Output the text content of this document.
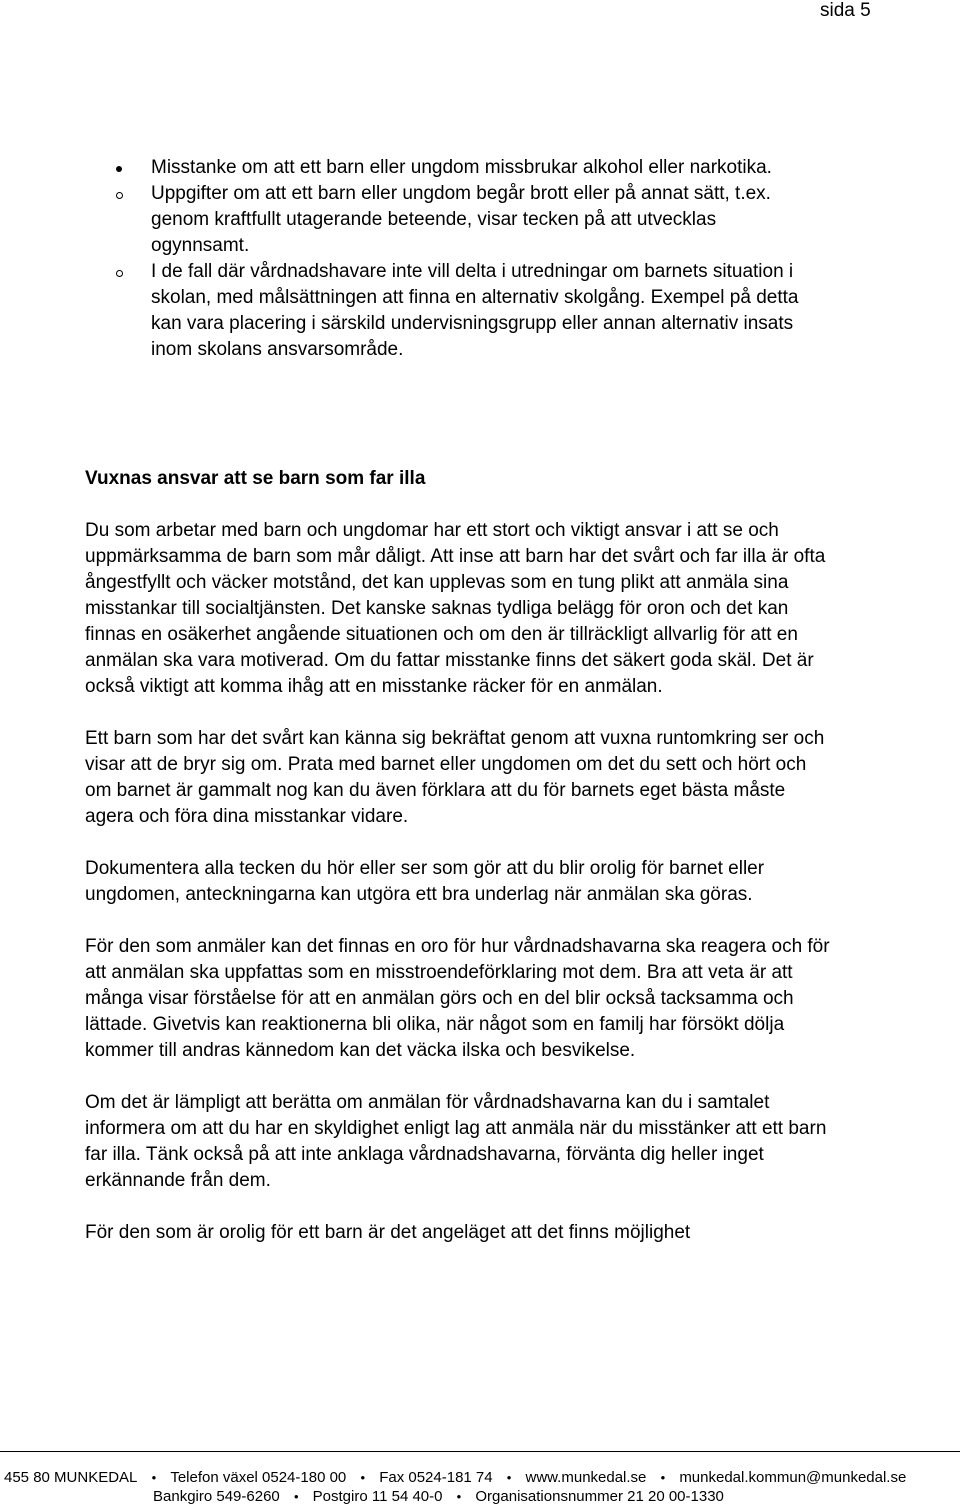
sida 5
Misstanke om att ett barn eller ungdom missbrukar alkohol eller narkotika.
Uppgifter om att ett barn eller ungdom begår brott eller på annat sätt, t.ex. genom kraftfullt utagerande beteende, visar tecken på att utvecklas ogynnsamt.
I de fall där vårdnadshavare inte vill delta i utredningar om barnets situation i skolan, med målsättningen att finna en alternativ skolgång. Exempel på detta kan vara placering i särskild undervisningsgrupp eller annan alternativ insats inom skolans ansvarsområde.
Vuxnas ansvar att se barn som far illa

Du som arbetar med barn och ungdomar har ett stort och viktigt ansvar i att se och uppmärksamma de barn som mår dåligt. Att inse att barn har det svårt och far illa är ofta ångestfyllt och väcker motstånd, det kan upplevas som en tung plikt att anmäla sina misstankar till socialtjänsten. Det kanske saknas tydliga belägg för oron och det kan finnas en osäkerhet angående situationen och om den är tillräckligt allvarlig för att en anmälan ska vara motiverad. Om du fattar misstanke finns det säkert goda skäl. Det är också viktigt att komma ihåg att en misstanke räcker för en anmälan.

Ett barn som har det svårt kan känna sig bekräftat genom att vuxna runtomkring ser och visar att de bryr sig om. Prata med barnet eller ungdomen om det du sett och hört och om barnet är gammalt nog kan du även förklara att du för barnets eget bästa måste agera och föra dina misstankar vidare.

Dokumentera alla tecken du hör eller ser som gör att du blir orolig för barnet eller ungdomen, anteckningarna kan utgöra ett bra underlag när anmälan ska göras.

För den som anmäler kan det finnas en oro för hur vårdnadshavarna ska reagera och för att anmälan ska uppfattas som en misstroendeförklaring mot dem. Bra att veta är att många visar förståelse för att en anmälan görs och en del blir också tacksamma och lättade. Givetvis kan reaktionerna bli olika, när något som en familj har försökt dölja kommer till andras kännedom kan det väcka ilska och besvikelse.

Om det är lämpligt att berätta om anmälan för vårdnadshavarna kan du i samtalet informera om att du har en skyldighet enligt lag att anmäla när du misstänker att ett barn far illa. Tänk också på att inte anklaga vårdnadshavarna, förvänta dig heller inget erkännande från dem.

För den som är orolig för ett barn är det angeläget att det finns möjlighet

455 80 MUNKEDAL • Telefon växel 0524-180 00 • Fax 0524-181 74 • www.munkedal.se • munkedal.kommun@munkedal.se
Bankgiro 549-6260 • Postgiro 11 54 40-0 • Organisationsnummer 21 20 00-1330
